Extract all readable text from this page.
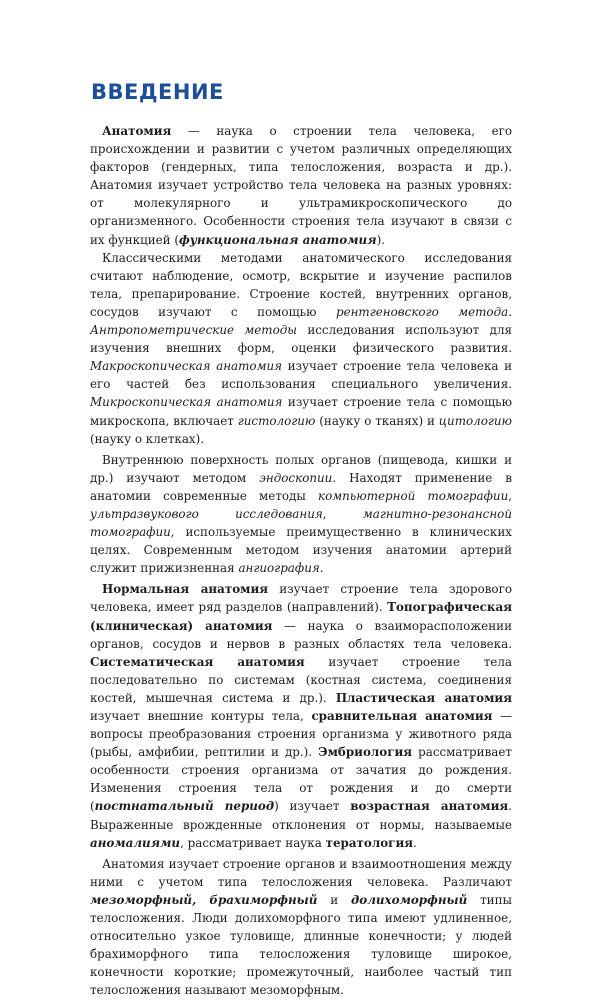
ВВЕДЕНИЕ

Анатомия — наука о строении тела человека, его происхождении и развитии с учетом различных определяющих факторов (гендерных, типа телосложения, возраста и др.). Анатомия изучает устройство тела человека на разных уровнях: от молекулярного и ультрамикроскопического до организменного. Особенности строения тела изучают в связи с их функцией (функциональная анатомия).

Классическими методами анатомического исследования считают наблюдение, осмотр, вскрытие и изучение распилов тела, препарирование. Строение костей, внутренних органов, сосудов изучают с помощью рентгеновского метода. Антропометрические методы исследования используют для изучения внешних форм, оценки физического развития. Макроскопическая анатомия изучает строение тела человека и его частей без использования специального увеличения. Микроскопическая анатомия изучает строение тела с помощью микроскопа, включает гистологию (науку о тканях) и цитологию (науку о клетках).

Внутреннюю поверхность полых органов (пищевода, кишки и др.) изучают методом эндоскопии. Находят применение в анатомии современные методы компьютерной томографии, ультразвукового исследования, магнитно-резонансной томографии, используемые преимущественно в клинических целях. Современным методом изучения анатомии артерий служит прижизненная ангиография.

Нормальная анатомия изучает строение тела здорового человека, имеет ряд разделов (направлений). Топографическая (клиническая) анатомия — наука о взаиморасположении органов, сосудов и нервов в разных областях тела человека. Систематическая анатомия изучает строение тела последовательно по системам (костная система, соединения костей, мышечная система и др.). Пластическая анатомия изучает внешние контуры тела, сравнительная анатомия — вопросы преобразования строения организма у животного ряда (рыбы, амфибии, рептилии и др.). Эмбриология рассматривает особенности строения организма от зачатия до рождения. Изменения строения тела от рождения и до смерти (постнатальный период) изучает возрастная анатомия. Выраженные врожденные отклонения от нормы, называемые аномалиями, рассматривает наука тератология.

Анатомия изучает строение органов и взаимоотношения между ними с учетом типа телосложения человека. Различают мезоморфный, брахиморфный и долихоморфный типы телосложения. Люди долихоморфного типа имеют удлиненное, относительно узкое туловище, длинные конечности; у людей брахиморфного типа телосложения туловище широкое, конечности короткие; промежуточный, наиболее частый тип телосложения называют мезоморфным.
